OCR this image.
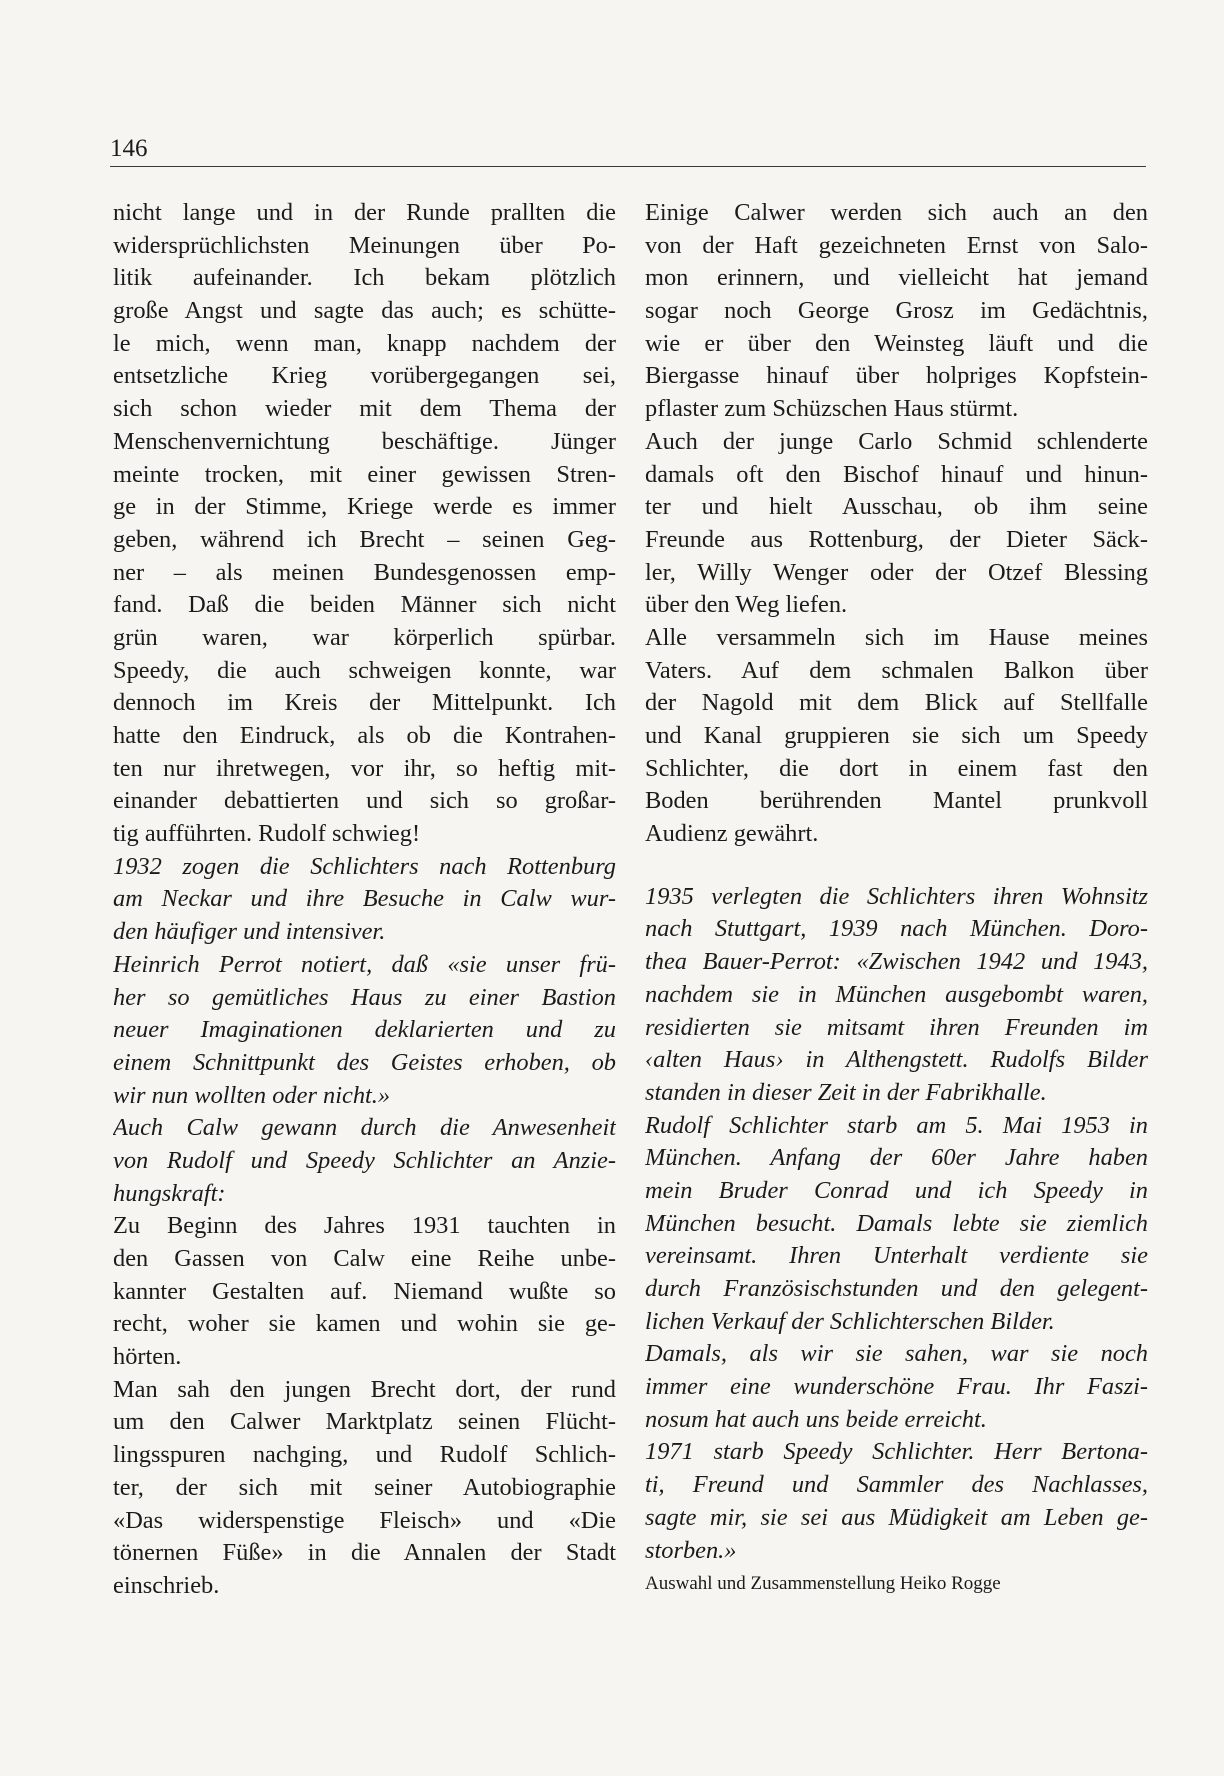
146
nicht lange und in der Runde prallten die
widersprüchlichsten Meinungen über Po-
litik aufeinander. Ich bekam plötzlich
große Angst und sagte das auch; es schütte-
le mich, wenn man, knapp nachdem der
entsetzliche Krieg vorübergegangen sei,
sich schon wieder mit dem Thema der
Menschenvernichtung beschäftige. Jünger
meinte trocken, mit einer gewissen Stren-
ge in der Stimme, Kriege werde es immer
geben, während ich Brecht – seinen Geg-
ner – als meinen Bundesgenossen emp-
fand. Daß die beiden Männer sich nicht
grün waren, war körperlich spürbar.
Speedy, die auch schweigen konnte, war
dennoch im Kreis der Mittelpunkt. Ich
hatte den Eindruck, als ob die Kontrahen-
ten nur ihretwegen, vor ihr, so heftig mit-
einander debattierten und sich so großar-
tig aufführten. Rudolf schwieg!
1932 zogen die Schlichters nach Rottenburg
am Neckar und ihre Besuche in Calw wur-
den häufiger und intensiver.
Heinrich Perrot notiert, daß «sie unser frü-
her so gemütliches Haus zu einer Bastion
neuer Imaginationen deklarierten und zu
einem Schnittpunkt des Geistes erhoben, ob
wir nun wollten oder nicht.»
Auch Calw gewann durch die Anwesenheit
von Rudolf und Speedy Schlichter an Anzie-
hungskraft:
Zu Beginn des Jahres 1931 tauchten in
den Gassen von Calw eine Reihe unbe-
kannter Gestalten auf. Niemand wußte so
recht, woher sie kamen und wohin sie ge-
hörten.
Man sah den jungen Brecht dort, der rund
um den Calwer Marktplatz seinen Flücht-
lingsspuren nachging, und Rudolf Schlich-
ter, der sich mit seiner Autobiographie
«Das widerspenstige Fleisch» und «Die
tönernen Füße» in die Annalen der Stadt
einschrieb.
Einige Calwer werden sich auch an den
von der Haft gezeichneten Ernst von Salo-
mon erinnern, und vielleicht hat jemand
sogar noch George Grosz im Gedächtnis,
wie er über den Weinsteg läuft und die
Biergasse hinauf über holpriges Kopfstein-
pflaster zum Schüzschen Haus stürmt.
Auch der junge Carlo Schmid schlenderte
damals oft den Bischof hinauf und hinun-
ter und hielt Ausschau, ob ihm seine
Freunde aus Rottenburg, der Dieter Säck-
ler, Willy Wenger oder der Otzef Blessing
über den Weg liefen.
Alle versammeln sich im Hause meines
Vaters. Auf dem schmalen Balkon über
der Nagold mit dem Blick auf Stellfalle
und Kanal gruppieren sie sich um Speedy
Schlichter, die dort in einem fast den
Boden berührenden Mantel prunkvoll
Audienz gewährt.
1935 verlegten die Schlichters ihren Wohnsitz
nach Stuttgart, 1939 nach München. Doro-
thea Bauer-Perrot: «Zwischen 1942 und 1943,
nachdem sie in München ausgebombt waren,
residierten sie mitsamt ihren Freunden im
‹alten Haus› in Althengstett. Rudolfs Bilder
standen in dieser Zeit in der Fabrikhalle.
Rudolf Schlichter starb am 5. Mai 1953 in
München. Anfang der 60er Jahre haben
mein Bruder Conrad und ich Speedy in
München besucht. Damals lebte sie ziemlich
vereinsamt. Ihren Unterhalt verdiente sie
durch Französischstunden und den gelegent-
lichen Verkauf der Schlichterschen Bilder.
Damals, als wir sie sahen, war sie noch
immer eine wunderschöne Frau. Ihr Faszi-
nosum hat auch uns beide erreicht.
1971 starb Speedy Schlichter. Herr Bertona-
ti, Freund und Sammler des Nachlasses,
sagte mir, sie sei aus Müdigkeit am Leben ge-
storben.»
Auswahl und Zusammenstellung Heiko Rogge
